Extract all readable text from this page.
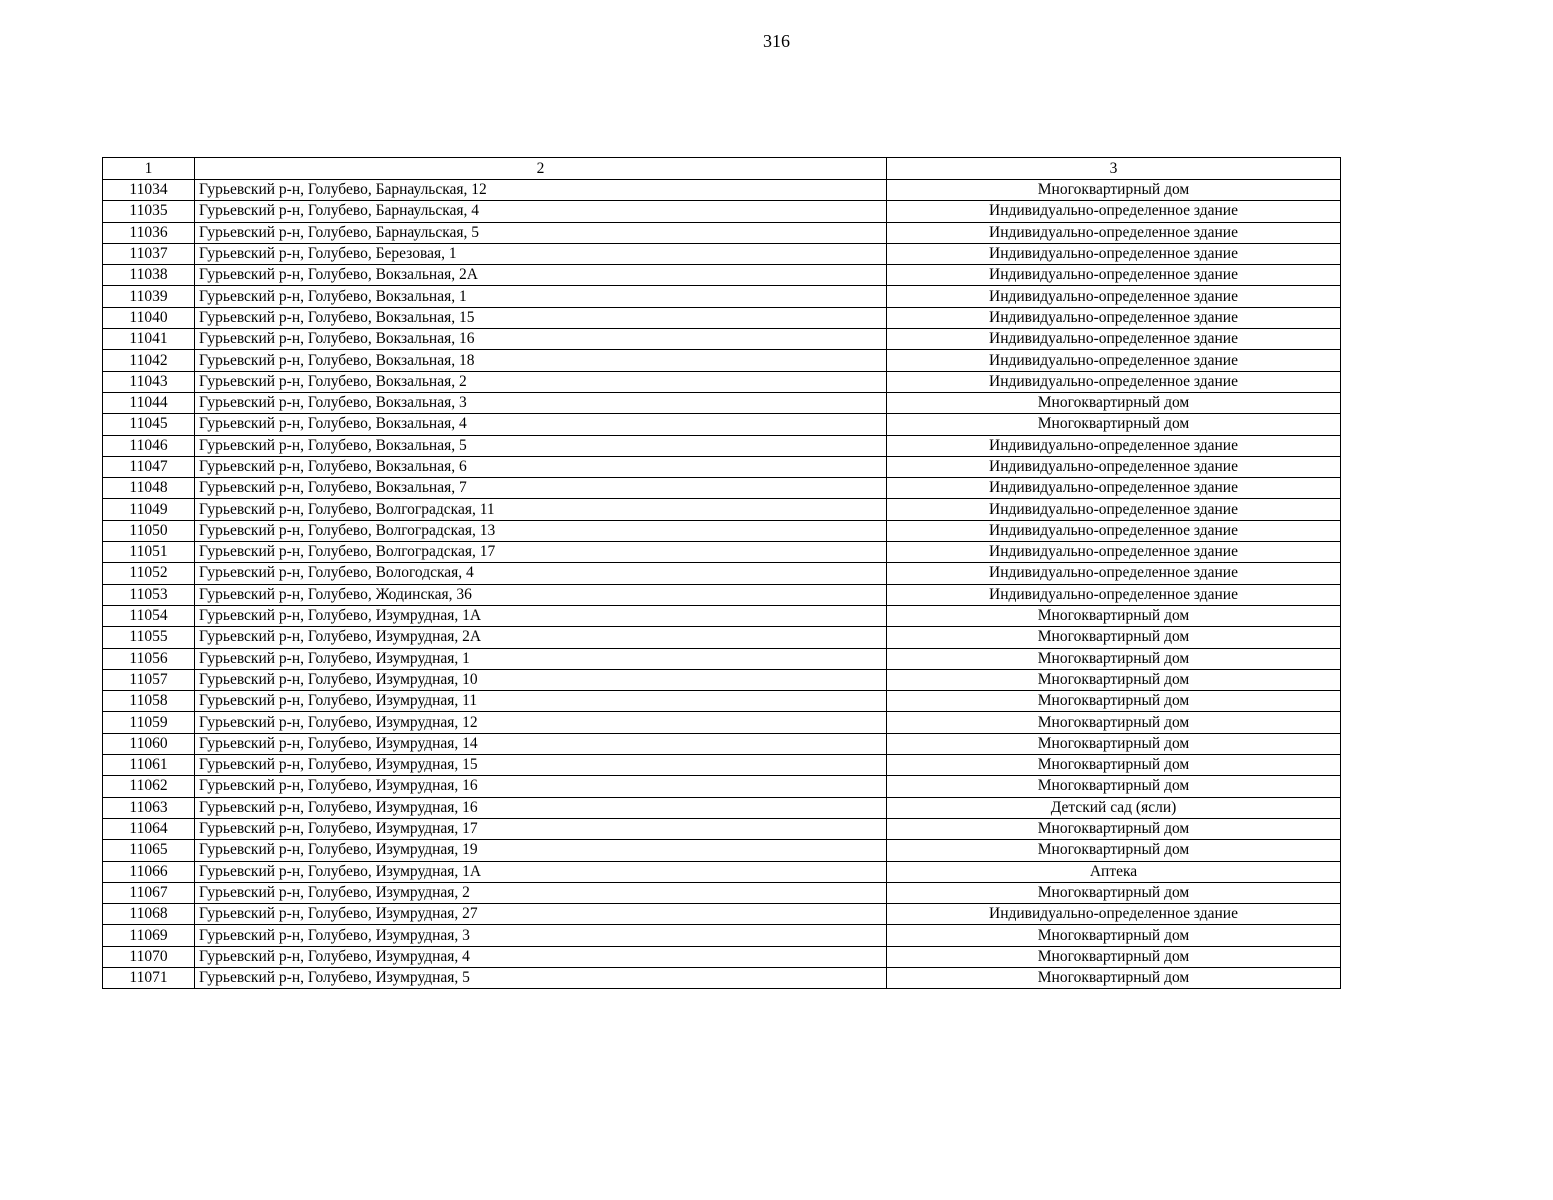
316
1	2	3
11034	Гурьевский р-н, Голубево, Барнаульская, 12	Многоквартирный дом
11035	Гурьевский р-н, Голубево, Барнаульская, 4	Индивидуально-определенное здание
11036	Гурьевский р-н, Голубево, Барнаульская, 5	Индивидуально-определенное здание
11037	Гурьевский р-н, Голубево, Березовая, 1	Индивидуально-определенное здание
11038	Гурьевский р-н, Голубево, Вокзальная, 2А	Индивидуально-определенное здание
11039	Гурьевский р-н, Голубево, Вокзальная, 1	Индивидуально-определенное здание
11040	Гурьевский р-н, Голубево, Вокзальная, 15	Индивидуально-определенное здание
11041	Гурьевский р-н, Голубево, Вокзальная, 16	Индивидуально-определенное здание
11042	Гурьевский р-н, Голубево, Вокзальная, 18	Индивидуально-определенное здание
11043	Гурьевский р-н, Голубево, Вокзальная, 2	Индивидуально-определенное здание
11044	Гурьевский р-н, Голубево, Вокзальная, 3	Многоквартирный дом
11045	Гурьевский р-н, Голубево, Вокзальная, 4	Многоквартирный дом
11046	Гурьевский р-н, Голубево, Вокзальная, 5	Индивидуально-определенное здание
11047	Гурьевский р-н, Голубево, Вокзальная, 6	Индивидуально-определенное здание
11048	Гурьевский р-н, Голубево, Вокзальная, 7	Индивидуально-определенное здание
11049	Гурьевский р-н, Голубево, Волгоградская, 11	Индивидуально-определенное здание
11050	Гурьевский р-н, Голубево, Волгоградская, 13	Индивидуально-определенное здание
11051	Гурьевский р-н, Голубево, Волгоградская, 17	Индивидуально-определенное здание
11052	Гурьевский р-н, Голубево, Вологодская, 4	Индивидуально-определенное здание
11053	Гурьевский р-н, Голубево, Жодинская, 36	Индивидуально-определенное здание
11054	Гурьевский р-н, Голубево, Изумрудная, 1А	Многоквартирный дом
11055	Гурьевский р-н, Голубево, Изумрудная, 2А	Многоквартирный дом
11056	Гурьевский р-н, Голубево, Изумрудная, 1	Многоквартирный дом
11057	Гурьевский р-н, Голубево, Изумрудная, 10	Многоквартирный дом
11058	Гурьевский р-н, Голубево, Изумрудная, 11	Многоквартирный дом
11059	Гурьевский р-н, Голубево, Изумрудная, 12	Многоквартирный дом
11060	Гурьевский р-н, Голубево, Изумрудная, 14	Многоквартирный дом
11061	Гурьевский р-н, Голубево, Изумрудная, 15	Многоквартирный дом
11062	Гурьевский р-н, Голубево, Изумрудная, 16	Многоквартирный дом
11063	Гурьевский р-н, Голубево, Изумрудная, 16	Детский сад (ясли)
11064	Гурьевский р-н, Голубево, Изумрудная, 17	Многоквартирный дом
11065	Гурьевский р-н, Голубево, Изумрудная, 19	Многоквартирный дом
11066	Гурьевский р-н, Голубево, Изумрудная, 1А	Аптека
11067	Гурьевский р-н, Голубево, Изумрудная, 2	Многоквартирный дом
11068	Гурьевский р-н, Голубево, Изумрудная, 27	Индивидуально-определенное здание
11069	Гурьевский р-н, Голубево, Изумрудная, 3	Многоквартирный дом
11070	Гурьевский р-н, Голубево, Изумрудная, 4	Многоквартирный дом
11071	Гурьевский р-н, Голубево, Изумрудная, 5	Многоквартирный дом
